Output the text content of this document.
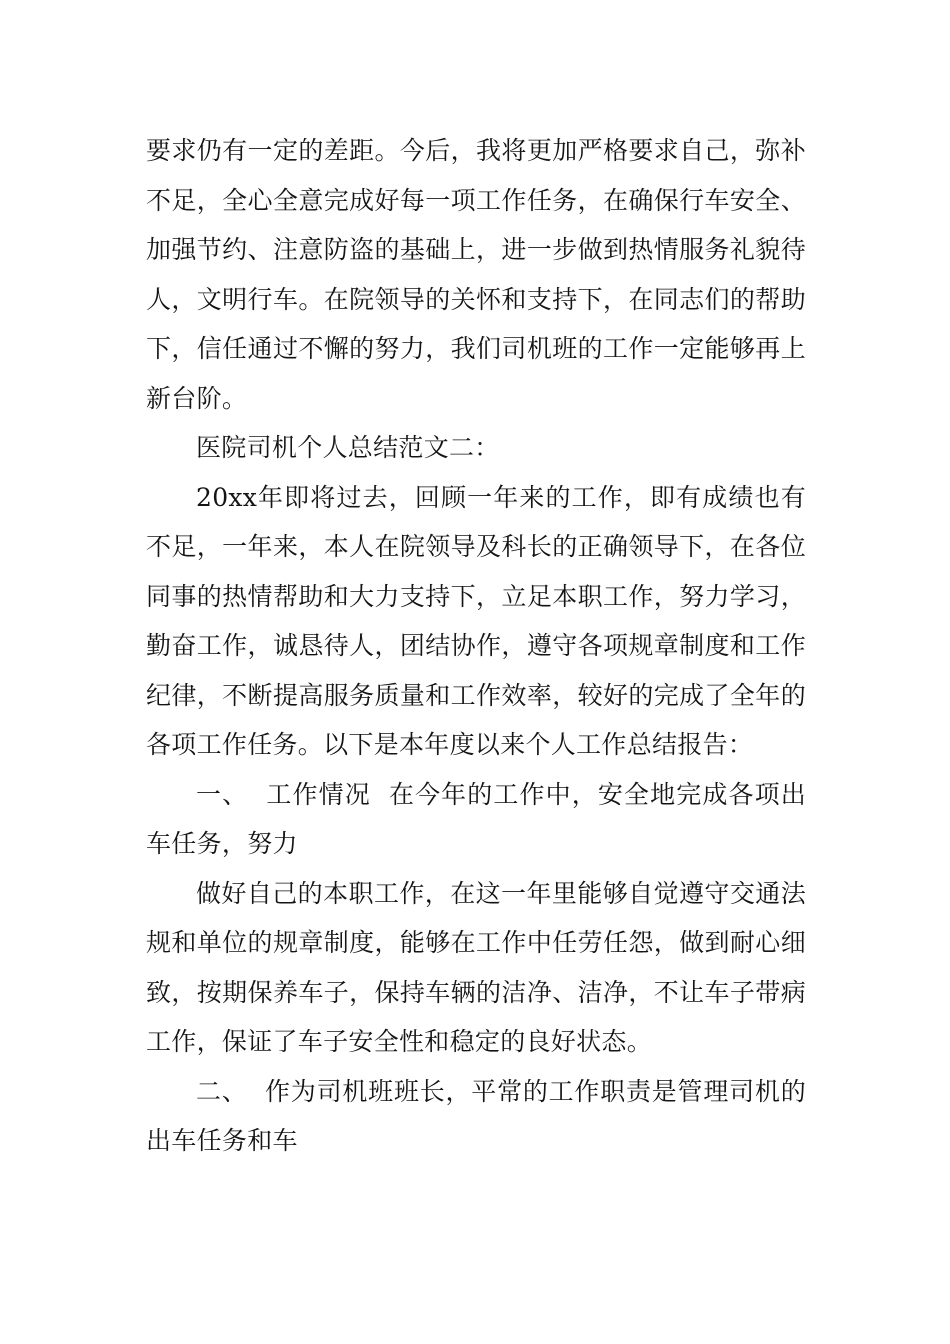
要求仍有一定的差距。今后，我将更加严格要求自己，弥补不足，全心全意完成好每一项工作任务，在确保行车安全、加强节约、注意防盗的基础上，进一步做到热情服务礼貌待人，文明行车。在院领导的关怀和支持下，在同志们的帮助下，信任通过不懈的努力，我们司机班的工作一定能够再上新台阶。

医院司机个人总结范文二：

20xx年即将过去，回顾一年来的工作，即有成绩也有不足，一年来，本人在院领导及科长的正确领导下，在各位同事的热情帮助和大力支持下，立足本职工作，努力学习，勤奋工作，诚恳待人，团结协作，遵守各项规章制度和工作纪律，不断提高服务质量和工作效率，较好的完成了全年的各项工作任务。以下是本年度以来个人工作总结报告：

一、  工作情况  在今年的工作中，安全地完成各项出车任务，努力

做好自己的本职工作，在这一年里能够自觉遵守交通法规和单位的规章制度，能够在工作中任劳任怨，做到耐心细致，按期保养车子，保持车辆的洁净、洁净，不让车子带病工作，保证了车子安全性和稳定的良好状态。

二、  作为司机班班长，平常的工作职责是管理司机的出车任务和车
